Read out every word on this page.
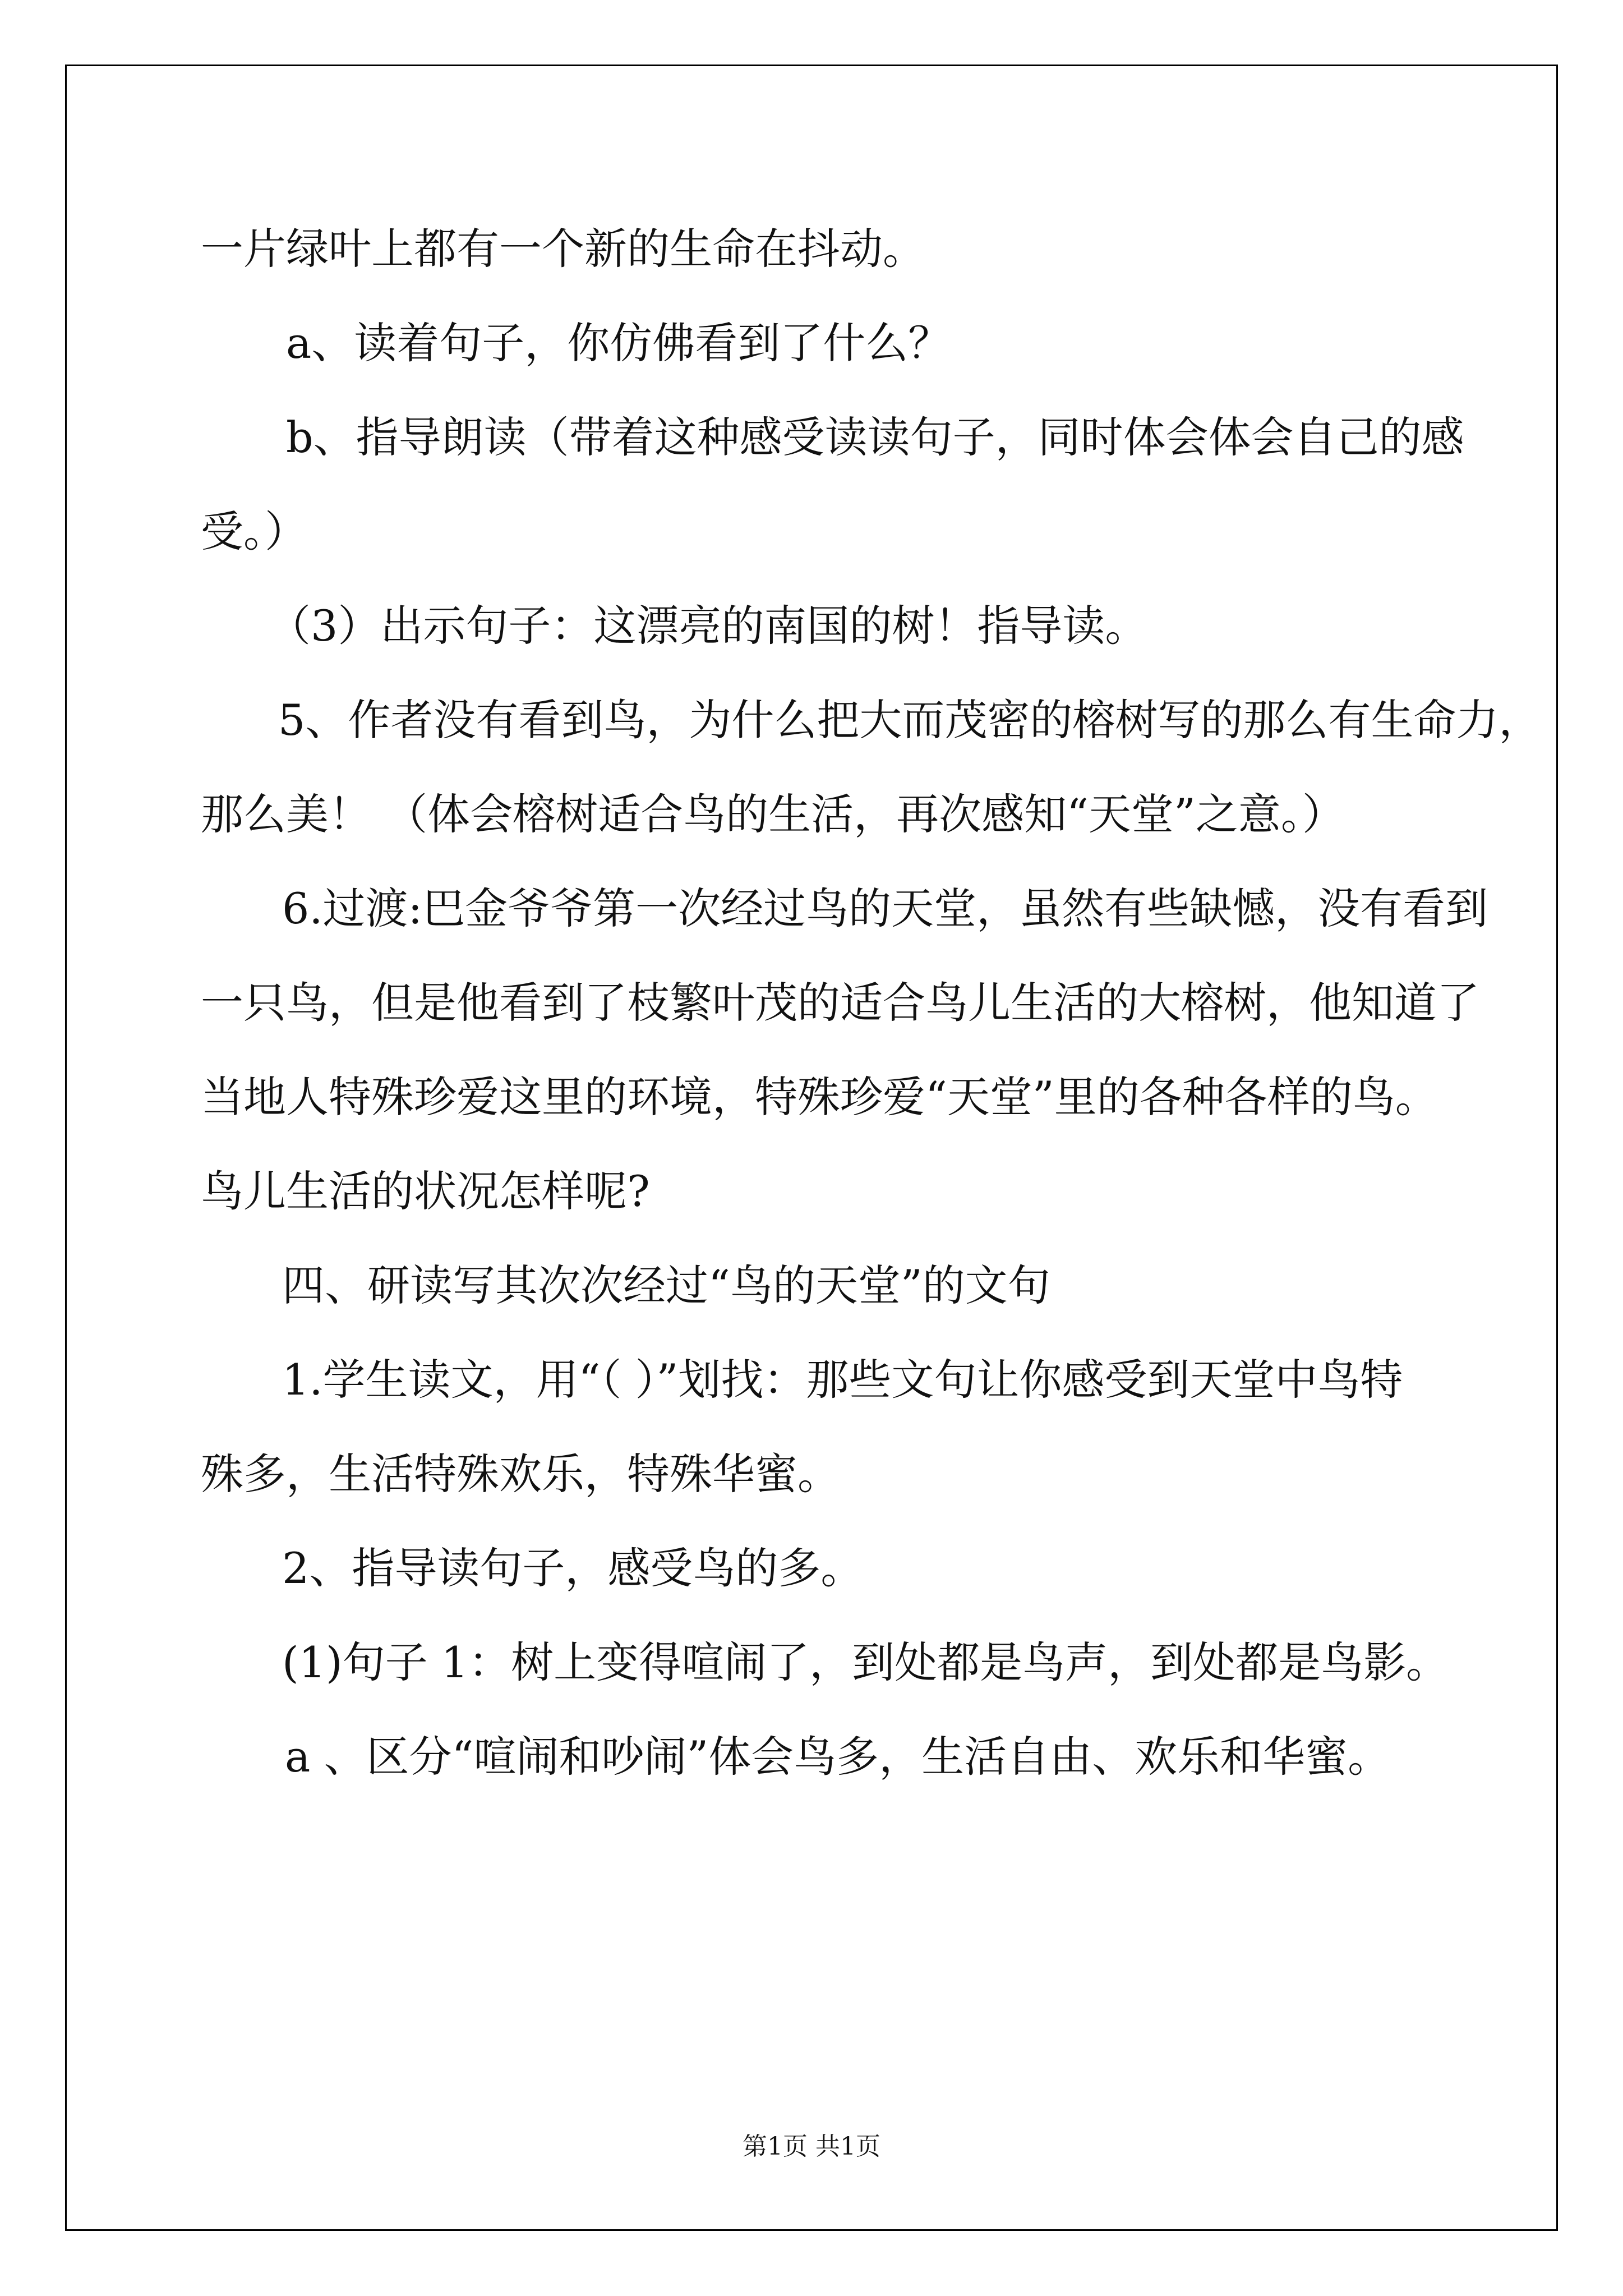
一片绿叶上都有一个新的生命在抖动。
a、读着句子，你仿佛看到了什么？
b、指导朗读（带着这种感受读读句子，同时体会体会自己的感
受。）
（3）出示句子：这漂亮的南国的树！指导读。
5、作者没有看到鸟，为什么把大而茂密的榕树写的那么有生命力，
那么美！ （体会榕树适合鸟的生活，再次感知“天堂”之意。）
6.过渡:巴金爷爷第一次经过鸟的天堂，虽然有些缺憾，没有看到
一只鸟，但是他看到了枝繁叶茂的适合鸟儿生活的大榕树，他知道了
当地人特殊珍爱这里的环境，特殊珍爱“天堂”里的各种各样的鸟。
鸟儿生活的状况怎样呢?
四、研读写其次次经过“鸟的天堂”的文句
1.学生读文，用“（ ）”划找：那些文句让你感受到天堂中鸟特
殊多，生活特殊欢乐，特殊华蜜。
2、指导读句子，感受鸟的多。
(1)句子 1：树上变得喧闹了，到处都是鸟声，到处都是鸟影。
a 、区分“喧闹和吵闹”体会鸟多，生活自由、欢乐和华蜜。
第1页 共1页
